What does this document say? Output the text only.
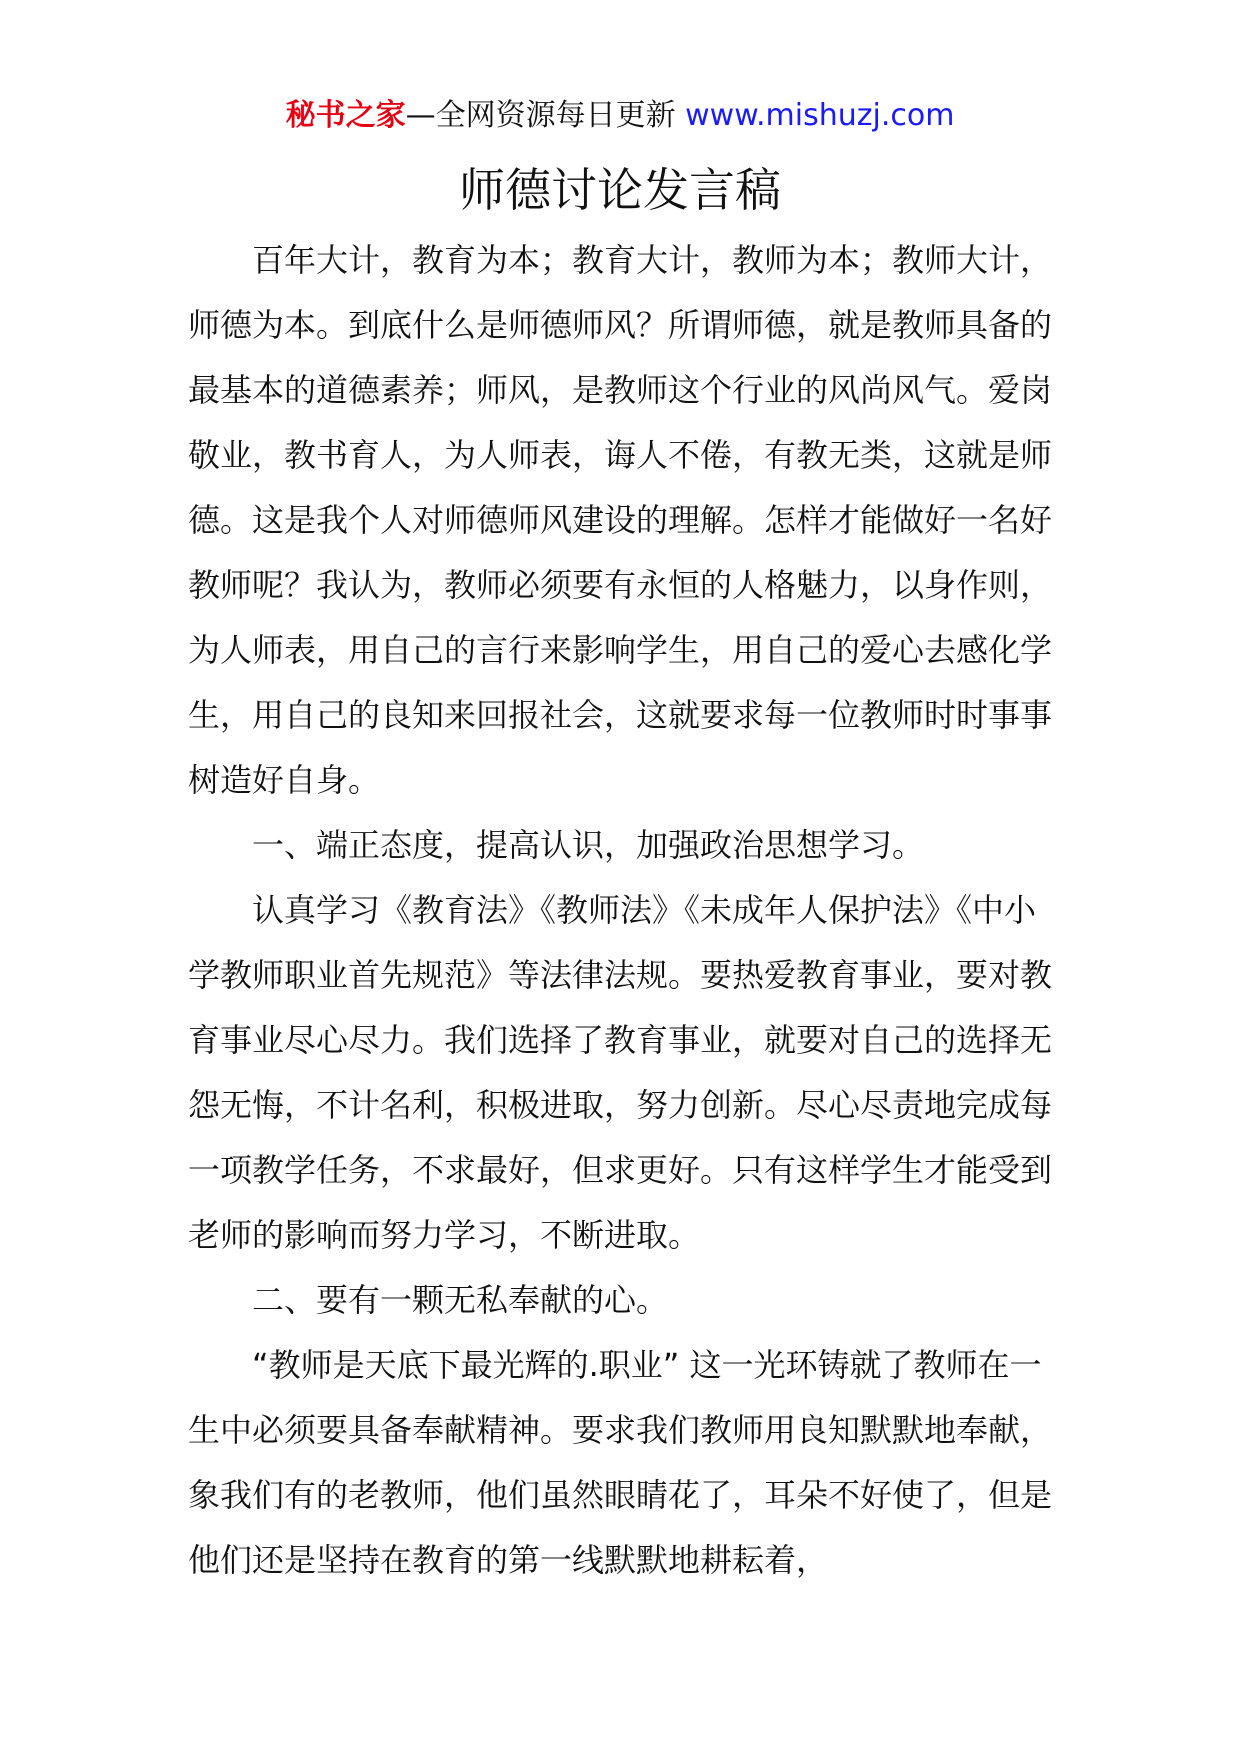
秘书之家—全网资源每日更新 www.mishuzj.com
师德讨论发言稿

百年大计，教育为本；教育大计，教师为本；教师大计，师德为本。到底什么是师德师风？所谓师德，就是教师具备的最基本的道德素养；师风，是教师这个行业的风尚风气。爱岗敬业，教书育人，为人师表，诲人不倦，有教无类，这就是师德。这是我个人对师德师风建设的理解。怎样才能做好一名好教师呢？我认为，教师必须要有永恒的人格魅力，以身作则，为人师表，用自己的言行来影响学生，用自己的爱心去感化学生，用自己的良知来回报社会，这就要求每一位教师时时事事树造好自身。

一、端正态度，提高认识，加强政治思想学习。

认真学习《教育法》《教师法》《未成年人保护法》《中小学教师职业首先规范》等法律法规。要热爱教育事业，要对教育事业尽心尽力。我们选择了教育事业，就要对自己的选择无怨无悔，不计名利，积极进取，努力创新。尽心尽责地完成每一项教学任务，不求最好，但求更好。只有这样学生才能受到老师的影响而努力学习，不断进取。

二、要有一颗无私奉献的心。

“教师是天底下最光辉的.职业” 这一光环铸就了教师在一生中必须要具备奉献精神。要求我们教师用良知默默地奉献，象我们有的老教师，他们虽然眼睛花了，耳朵不好使了，但是他们还是坚持在教育的第一线默默地耕耘着，
